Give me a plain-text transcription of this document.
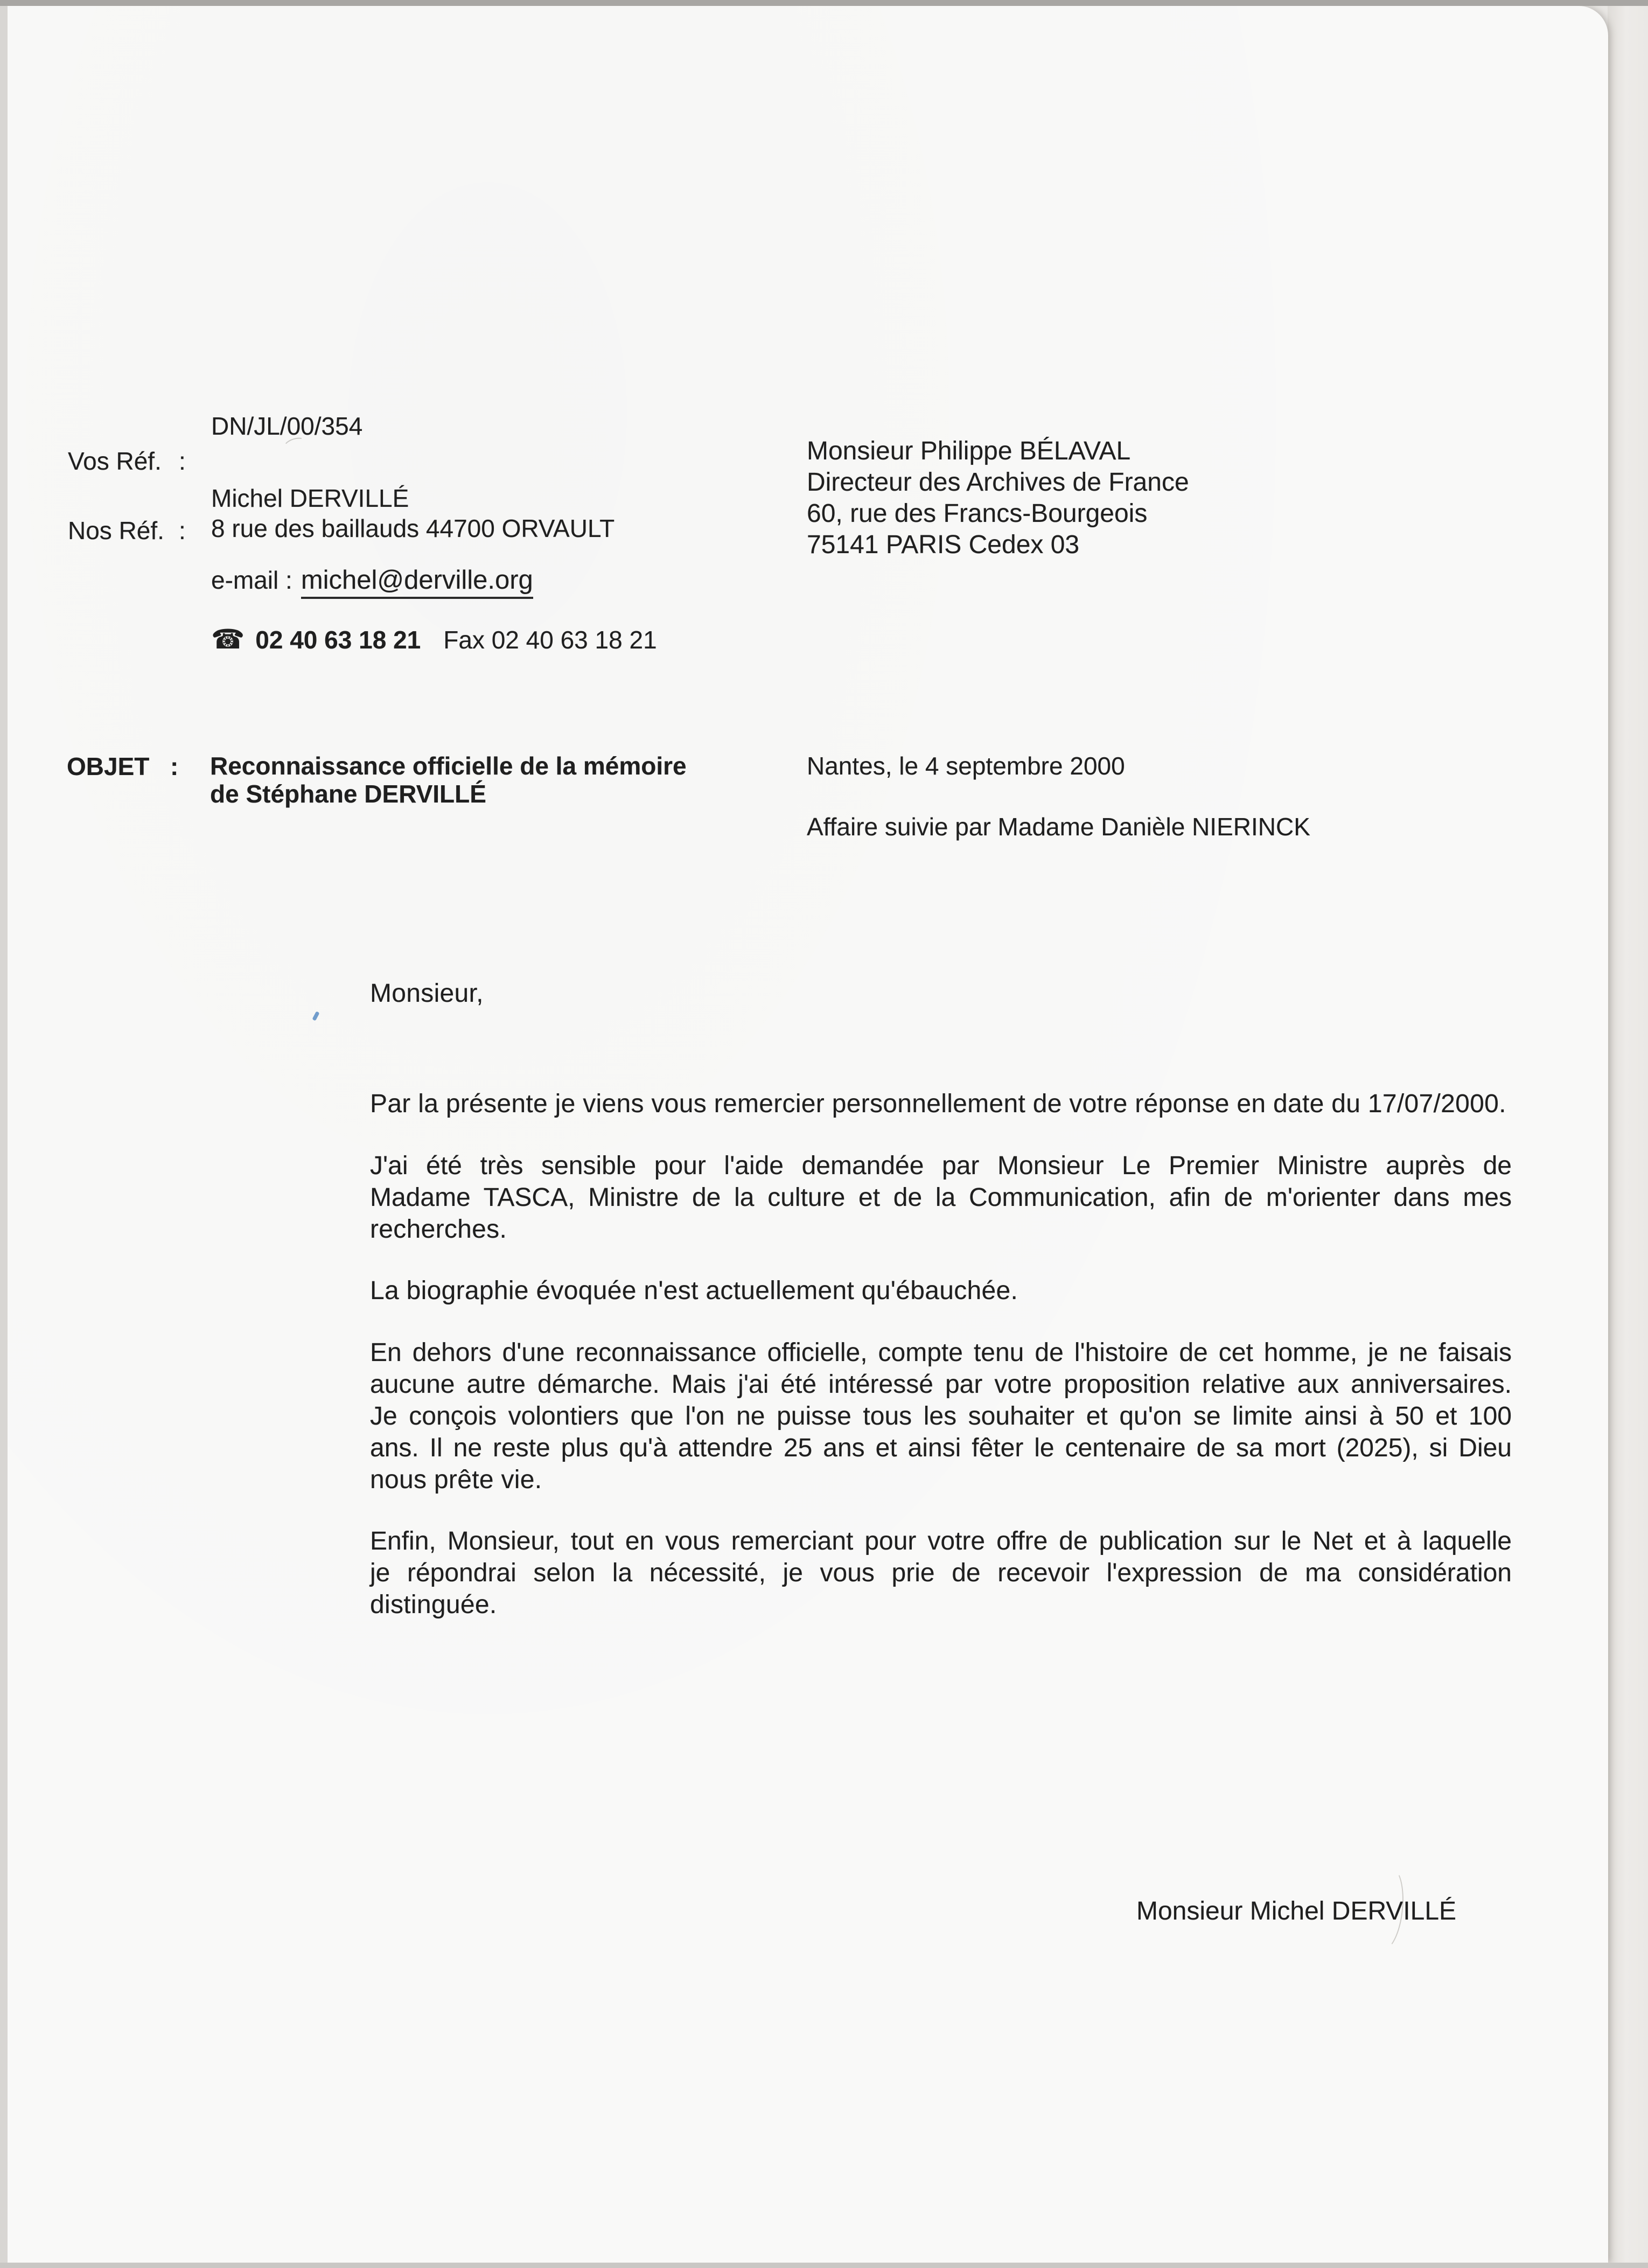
DN/JL/00/354
Vos Réf. :
Michel DERVILLÉ
Nos Réf. : 8 rue des baillauds 44700 ORVAULT
e-mail : michel@derville.org
☎ 02 40 63 18 21 Fax 02 40 63 18 21
Monsieur Philippe BÉLAVAL
Directeur des Archives de France
60, rue des Francs-Bourgeois
75141 PARIS Cedex 03
OBJET : Reconnaissance officielle de la mémoire
de Stéphane DERVILLÉ
Nantes, le 4 septembre 2000
Affaire suivie par Madame Danièle NIERINCK
Monsieur,
Par la présente je viens vous remercier personnellement de votre réponse en date du 17/07/2000.
J'ai été très sensible pour l'aide demandée par Monsieur Le Premier Ministre auprès de
Madame TASCA, Ministre de la culture et de la Communication, afin de m'orienter dans mes
recherches.
La biographie évoquée n'est actuellement qu'ébauchée.
En dehors d'une reconnaissance officielle, compte tenu de l'histoire de cet homme, je ne faisais
aucune autre démarche. Mais j'ai été intéressé par votre proposition relative aux anniversaires.
Je conçois volontiers que l'on ne puisse tous les souhaiter et qu'on se limite ainsi à 50 et 100
ans. Il ne reste plus qu'à attendre 25 ans et ainsi fêter le centenaire de sa mort (2025), si Dieu
nous prête vie.
Enfin, Monsieur, tout en vous remerciant pour votre offre de publication sur le Net et à laquelle
je répondrai selon la nécessité, je vous prie de recevoir l'expression de ma considération
distinguée.
Monsieur Michel DERVILLÉ
